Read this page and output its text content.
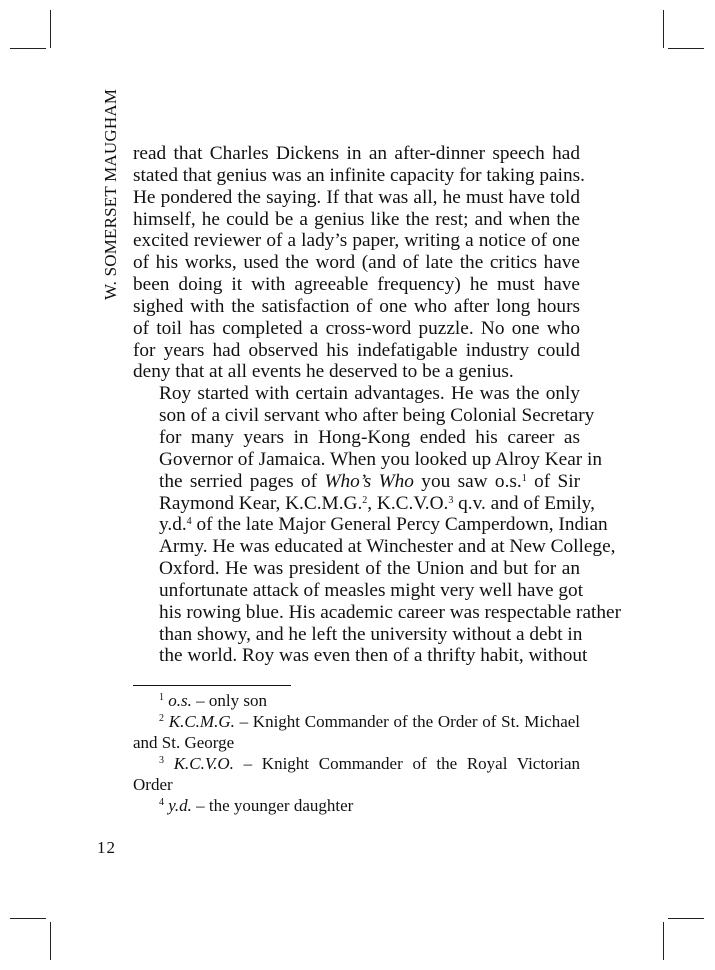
W. SOMERSET MAUGHAM read that Charles Dickens in an after-dinner speech had
stated that genius was an infinite capacity for taking pains.
He pondered the saying. If that was all, he must have told
himself, he could be a genius like the rest; and when the
excited reviewer of a lady’s paper, writing a notice of one
of his works, used the word (and of late the critics have
been doing it with agreeable frequency) he must have
sighed with the satisfaction of one who after long hours
of toil has completed a cross-word puzzle. No one who
for years had observed his indefatigable industry could
deny that at all events he deserved to be a genius.

Roy started with certain advantages. He was the only
son of a civil servant who after being Colonial Secretary
for many years in Hong-Kong ended his career as
Governor of Jamaica. When you looked up Alroy Kear in
the serried pages of Who’s Who you saw o.s.$^1$ of Sir
Raymond Kear, K.C.M.G.$^2$, K.C.V.O.$^3$ q.v. and of Emily,
y.d.$^4$ of the late Major General Percy Camperdown, Indian
Army. He was educated at Winchester and at New College,
Oxford. He was president of the Union and but for an
unfortunate attack of measles might very well have got
his rowing blue. His academic career was respectable rather
than showy, and he left the university without a debt in
the world. Roy was even then of a thrifty habit, without

$^1$ o.s. – only son

$^2$ K.C.M.G. – Knight Commander of the Order of St. Michael and St. George

$^3$ K.C.V.O. – Knight Commander of the Royal Victorian Order

$^4$ y.d. – the younger daughter

12
